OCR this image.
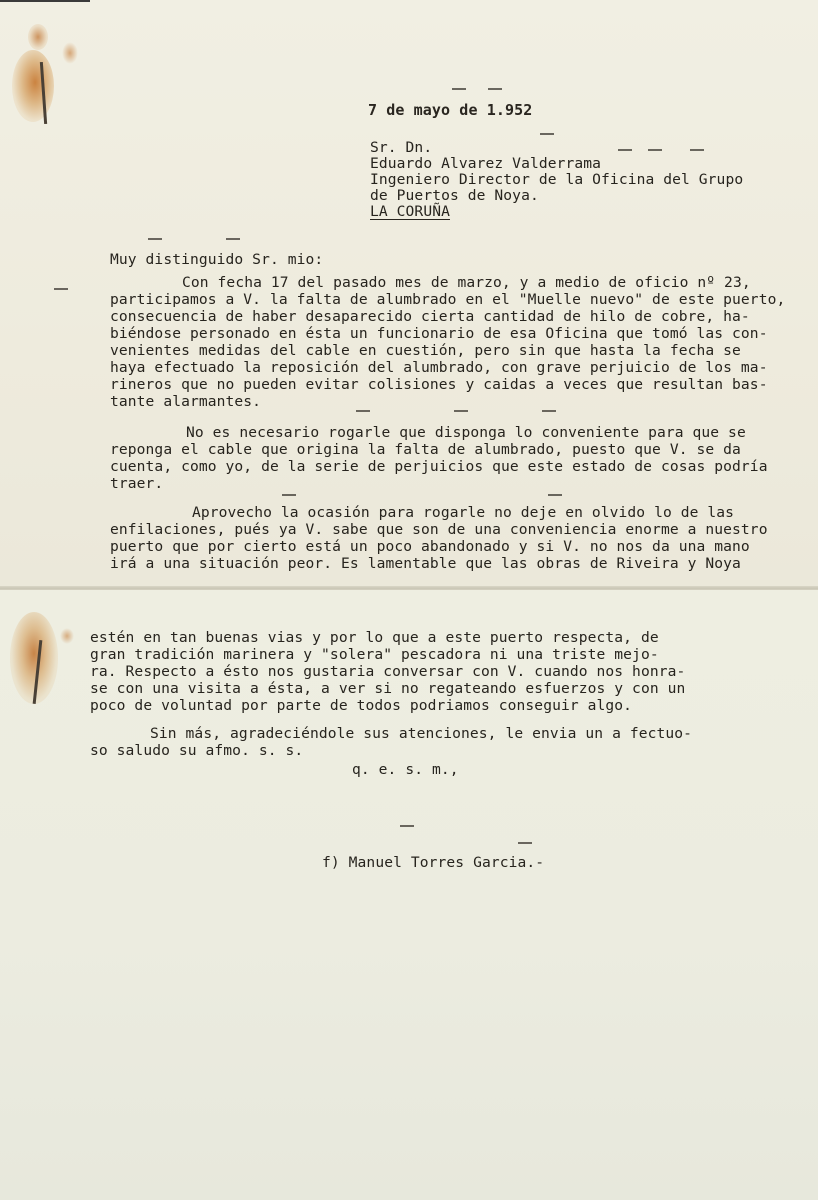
7 de mayo de 1.952
Sr. Dn.
Eduardo Alvarez Valderrama
Ingeniero Director de la Oficina del Grupo
de Puertos de Noya.
LA CORUÑA
Muy distinguido Sr. mio:
Con fecha 17 del pasado mes de marzo, y a medio de oficio nº 23,
participamos a V. la falta de alumbrado en el "Muelle nuevo" de este puerto,
consecuencia de haber desaparecido cierta cantidad de hilo de cobre, ha-
biéndose personado en ésta un funcionario de esa Oficina que tomó las con-
venientes medidas del cable en cuestión, pero sin que hasta la fecha se
haya efectuado la reposición del alumbrado, con grave perjuicio de los ma-
rineros que no pueden evitar colisiones y caidas a veces que resultan bas-
tante alarmantes.
No es necesario rogarle que disponga lo conveniente para que se
reponga el cable que origina la falta de alumbrado, puesto que V. se da
cuenta, como yo, de la serie de perjuicios que este estado de cosas podría
traer.
Aprovecho la ocasión para rogarle no deje en olvido lo de las
enfilaciones, pués ya V. sabe que son de una conveniencia enorme a nuestro
puerto que por cierto está un poco abandonado y si V. no nos da una mano
irá a una situación peor. Es lamentable que las obras de Riveira y Noya
estén en tan buenas vias y por lo que a este puerto respecta, de
gran tradición marinera y "solera" pescadora ni una triste mejo-
ra. Respecto a ésto nos gustaria conversar con V. cuando nos honra-
se con una visita a ésta, a ver si no regateando esfuerzos y con un
poco de voluntad por parte de todos podriamos conseguir algo.
Sin más, agradeciéndole sus atenciones, le envia un a fectuo-
so saludo su afmo. s. s.
q. e. s. m.,
f) Manuel Torres Garcia.-
